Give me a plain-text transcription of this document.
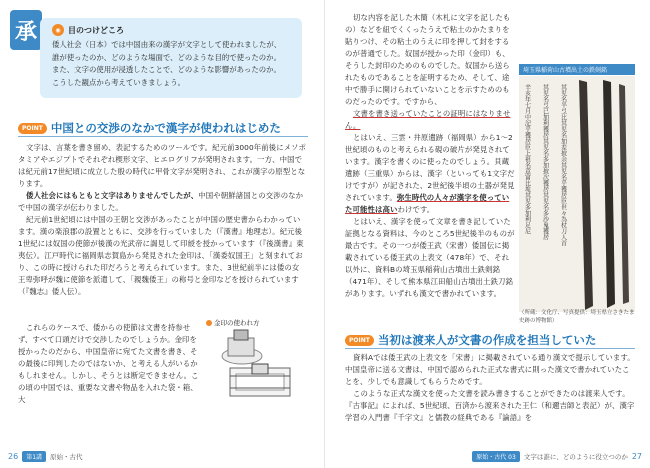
承	◉ 目のつけどころ

倭人社会（日本）では中国由来の漢字が文字として使われましたが、

誰が使ったのか、どのような場面で、どのような目的で使ったのか。

また、文字の使用が浸透したことで、どのような影響があったのか。

こうした観点から考えていきましょう。

POINT 中国との交渉のなかで漢字が使われはじめた

文字は、言葉を書き留め、表記するためのツールです。紀元前3000年前後にメソポタミアやエジプトでそれぞれ楔形文字、ヒエログリフが発明されます。一方、中国では紀元前17世紀頃に成立した殷の時代に甲骨文字が発明され、これが漢字の原型となります。

倭人社会にはもともと文字はありませんでしたが、中国や朝鮮諸国との交渉のなかで中国の漢字が伝わりました。

紀元前1世紀頃には中国の王朝と交渉があったことが中国の歴史書からわかっています。漢の楽浪郡の設置とともに、交渉を行っていました（『漢書』地理志）。紀元後1世紀には奴国の使節が後漢の光武帝に謁見して印綬を授かっています（『後漢書』東夷伝）。江戸時代に福岡県志賀島から発見された金印は、「漢委奴国王」と刻まれており、この時に授けられた印だろうと考えられています。また、3世紀前半には倭の女王卑弥呼が魏に使節を派遣して、「親魏倭王」の称号と金印などを授けられています（『魏志』倭人伝）。

これらのケースで、倭からの使節は文書を持参せず、すべて口頭だけで交渉したのでしょうか。金印を授かったのだから、中国皇帝に宛てた文書を書き、その最後に印判したのではないか、と考える人がいるかもしれません。しかし、そうとは断定できません。この頃の中国では、重要な文書や物品を入れた袋・箱、大

金印の使われ方
26	第1講	原始・古代

切な内容を記した木簡（木札に文字を記したもの）などを紐でくくったうえで粘土のかたまりを貼りつけ、その粘土のうえに印を押して封をするのが普通でした。奴国が授かった印（金印）も、そうした封印のためのものでした。奴国から送られたものであることを証明するため、そして、途中で勝手に開けられていないことを示すためのものだったのです。ですから、

文書を書き送っていたことの証明にはなりません。

とはいえ、三雲・井原遺跡（福岡県）から1～2世紀頃のものと考えられる硯の破片が発見されています。漢字を書くのに使ったのでしょう。貝蔵遺跡（三重県）からは、漢字（といっても1文字だけですが）が記された、2世紀後半頃の土器が発見されています。弥生時代の人々が漢字を使っていた可能性は高いわけです。

とはいえ、漢字を使って文章を書き記していた証拠となる資料は、今のところ5世紀後半のものが最古です。その一つが倭王武（宋書）倭国伝に掲載されている倭王武の上表文（478年）で、それ以外に、資料Bの埼玉県稲荷山古墳出土鉄剣銘（471年）、そして熊本県江田船山古墳出土鉄刀銘があります。いずれも漢文で書かれています。

埼玉県稲荷山古墳出土の鉄剣銘
辛亥年七月中記乎獲居臣上祖名意富比垝其児多加利足尼 其児名弖已加利獲居其児名多加披次獲居其児名多沙鬼獲居 其児名半弖比其児名加差披余其児名乎獲居臣世々為杖刀人首
（所蔵：文化庁、写真提供：埼玉県立さきたま史跡の博物館）
POINT 当初は渡来人が文書の作成を担当していた

資料Aでは倭王武の上表文を「宋書」に掲載されている通り漢文で提示しています。中国皇帝に送る文書は、中国で認められた正式な書式に則った漢文で書かれていたことを、少しでも意識してもらうためです。

このような正式な漢文を使った文書を読み書きすることができたのは渡来人です。『古事記』によれば、5世紀頃、百済から渡来された王仁（和邇吉師と表記）が、漢字学習の入門書『千字文』と儒教の経典である『論語』を

原始・古代 03	文字は誰に、どのように役立つのか 27
